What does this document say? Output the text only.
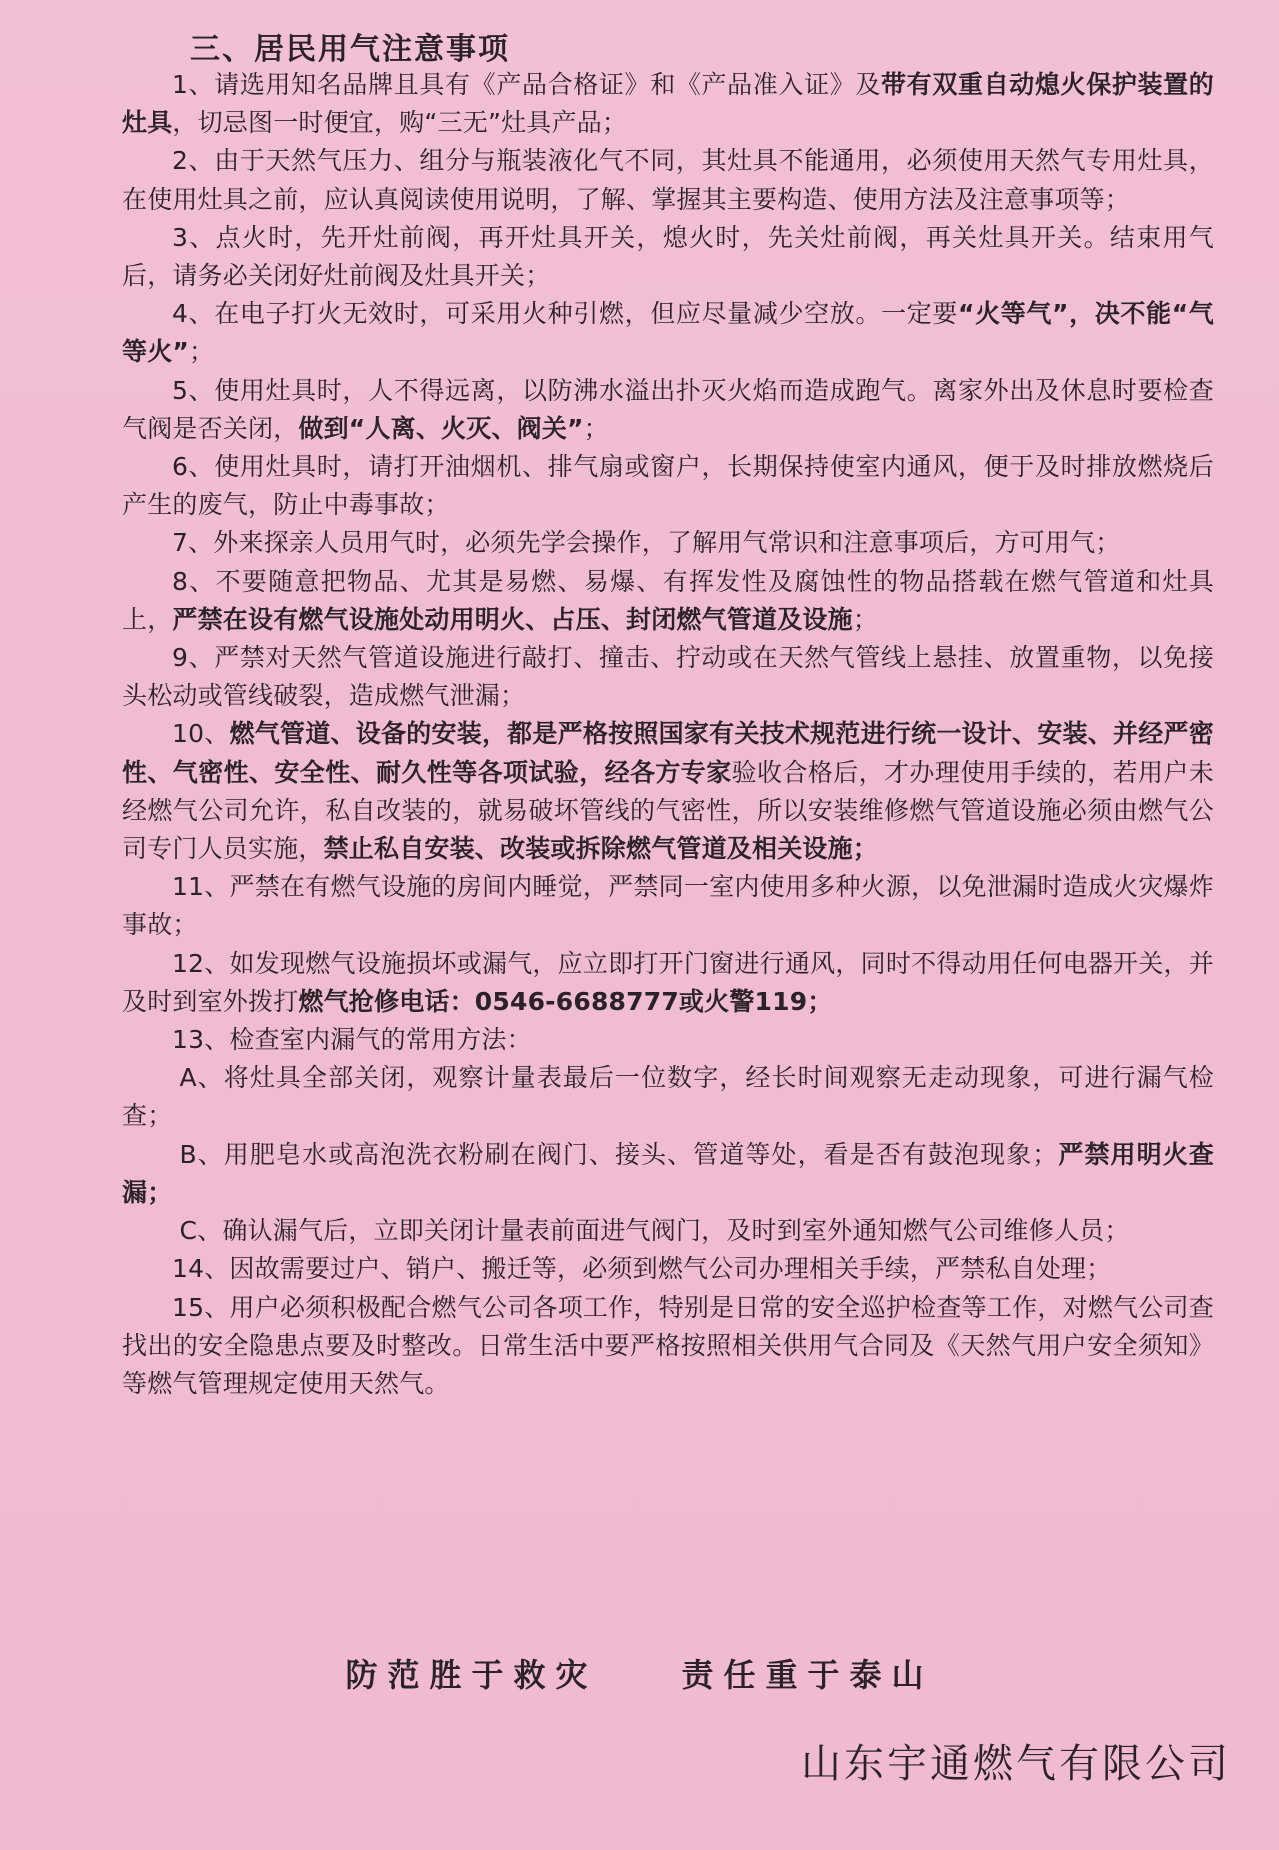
三、居民用气注意事项

1、请选用知名品牌且具有《产品合格证》和《产品准入证》及带有双重自动熄火保护装置的灶具，切忌图一时便宜，购“三无”灶具产品；

2、由于天然气压力、组分与瓶装液化气不同，其灶具不能通用，必须使用天然气专用灶具，在使用灶具之前，应认真阅读使用说明，了解、掌握其主要构造、使用方法及注意事项等；

3、点火时，先开灶前阀，再开灶具开关，熄火时，先关灶前阀，再关灶具开关。结束用气后，请务必关闭好灶前阀及灶具开关；

4、在电子打火无效时，可采用火种引燃，但应尽量减少空放。一定要“火等气”，决不能“气等火”；

5、使用灶具时，人不得远离，以防沸水溢出扑灭火焰而造成跑气。离家外出及休息时要检查气阀是否关闭，做到“人离、火灭、阀关”；

6、使用灶具时，请打开油烟机、排气扇或窗户，长期保持使室内通风，便于及时排放燃烧后产生的废气，防止中毒事故；

7、外来探亲人员用气时，必须先学会操作，了解用气常识和注意事项后，方可用气；

8、不要随意把物品、尤其是易燃、易爆、有挥发性及腐蚀性的物品搭载在燃气管道和灶具上，严禁在设有燃气设施处动用明火、占压、封闭燃气管道及设施；

9、严禁对天然气管道设施进行敲打、撞击、拧动或在天然气管线上悬挂、放置重物，以免接头松动或管线破裂，造成燃气泄漏；

10、燃气管道、设备的安装，都是严格按照国家有关技术规范进行统一设计、安装、并经严密性、气密性、安全性、耐久性等各项试验，经各方专家验收合格后，才办理使用手续的，若用户未经燃气公司允许，私自改装的，就易破坏管线的气密性，所以安装维修燃气管道设施必须由燃气公司专门人员实施，禁止私自安装、改装或拆除燃气管道及相关设施；

11、严禁在有燃气设施的房间内睡觉，严禁同一室内使用多种火源，以免泄漏时造成火灾爆炸事故；

12、如发现燃气设施损坏或漏气，应立即打开门窗进行通风，同时不得动用任何电器开关，并及时到室外拨打燃气抢修电话：0546-6688777或火警119；

13、检查室内漏气的常用方法：

A、将灶具全部关闭，观察计量表最后一位数字，经长时间观察无走动现象，可进行漏气检查；

B、用肥皂水或高泡洗衣粉刷在阀门、接头、管道等处，看是否有鼓泡现象；严禁用明火查漏；

C、确认漏气后，立即关闭计量表前面进气阀门，及时到室外通知燃气公司维修人员；

14、因故需要过户、销户、搬迁等，必须到燃气公司办理相关手续，严禁私自处理；

15、用户必须积极配合燃气公司各项工作，特别是日常的安全巡护检查等工作，对燃气公司查找出的安全隐患点要及时整改。日常生活中要严格按照相关供用气合同及《天然气用户安全须知》等燃气管理规定使用天然气。

防范胜于救灾　　责任重于泰山
山东宇通燃气有限公司
